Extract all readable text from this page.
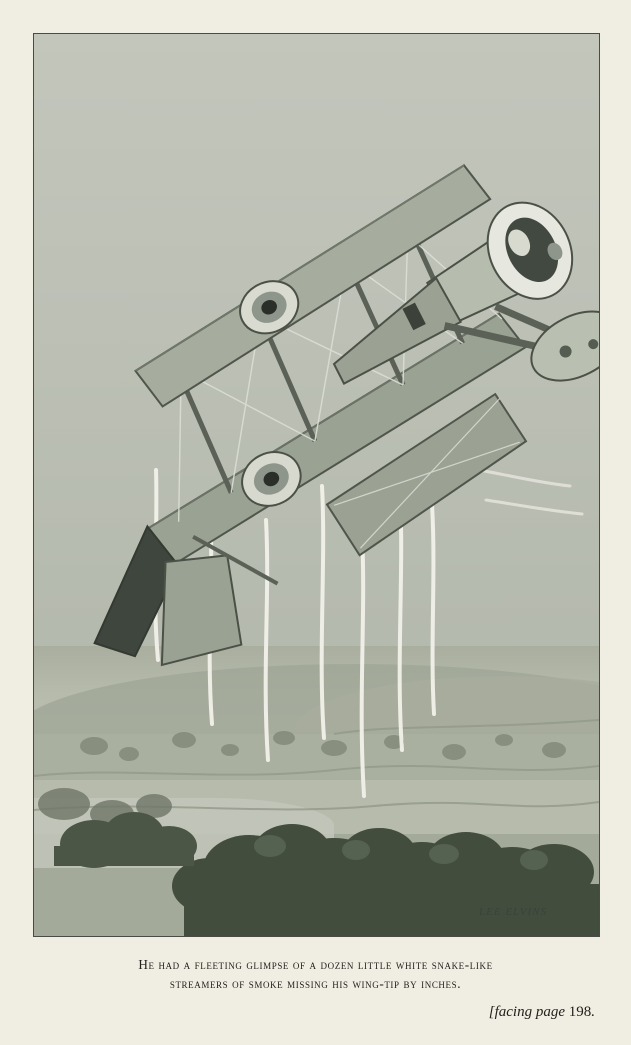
LEE ELVINS
He had a fleeting glimpse of a dozen little white snake-like
streamers of smoke missing his wing-tip by inches.
[facing page 198.
